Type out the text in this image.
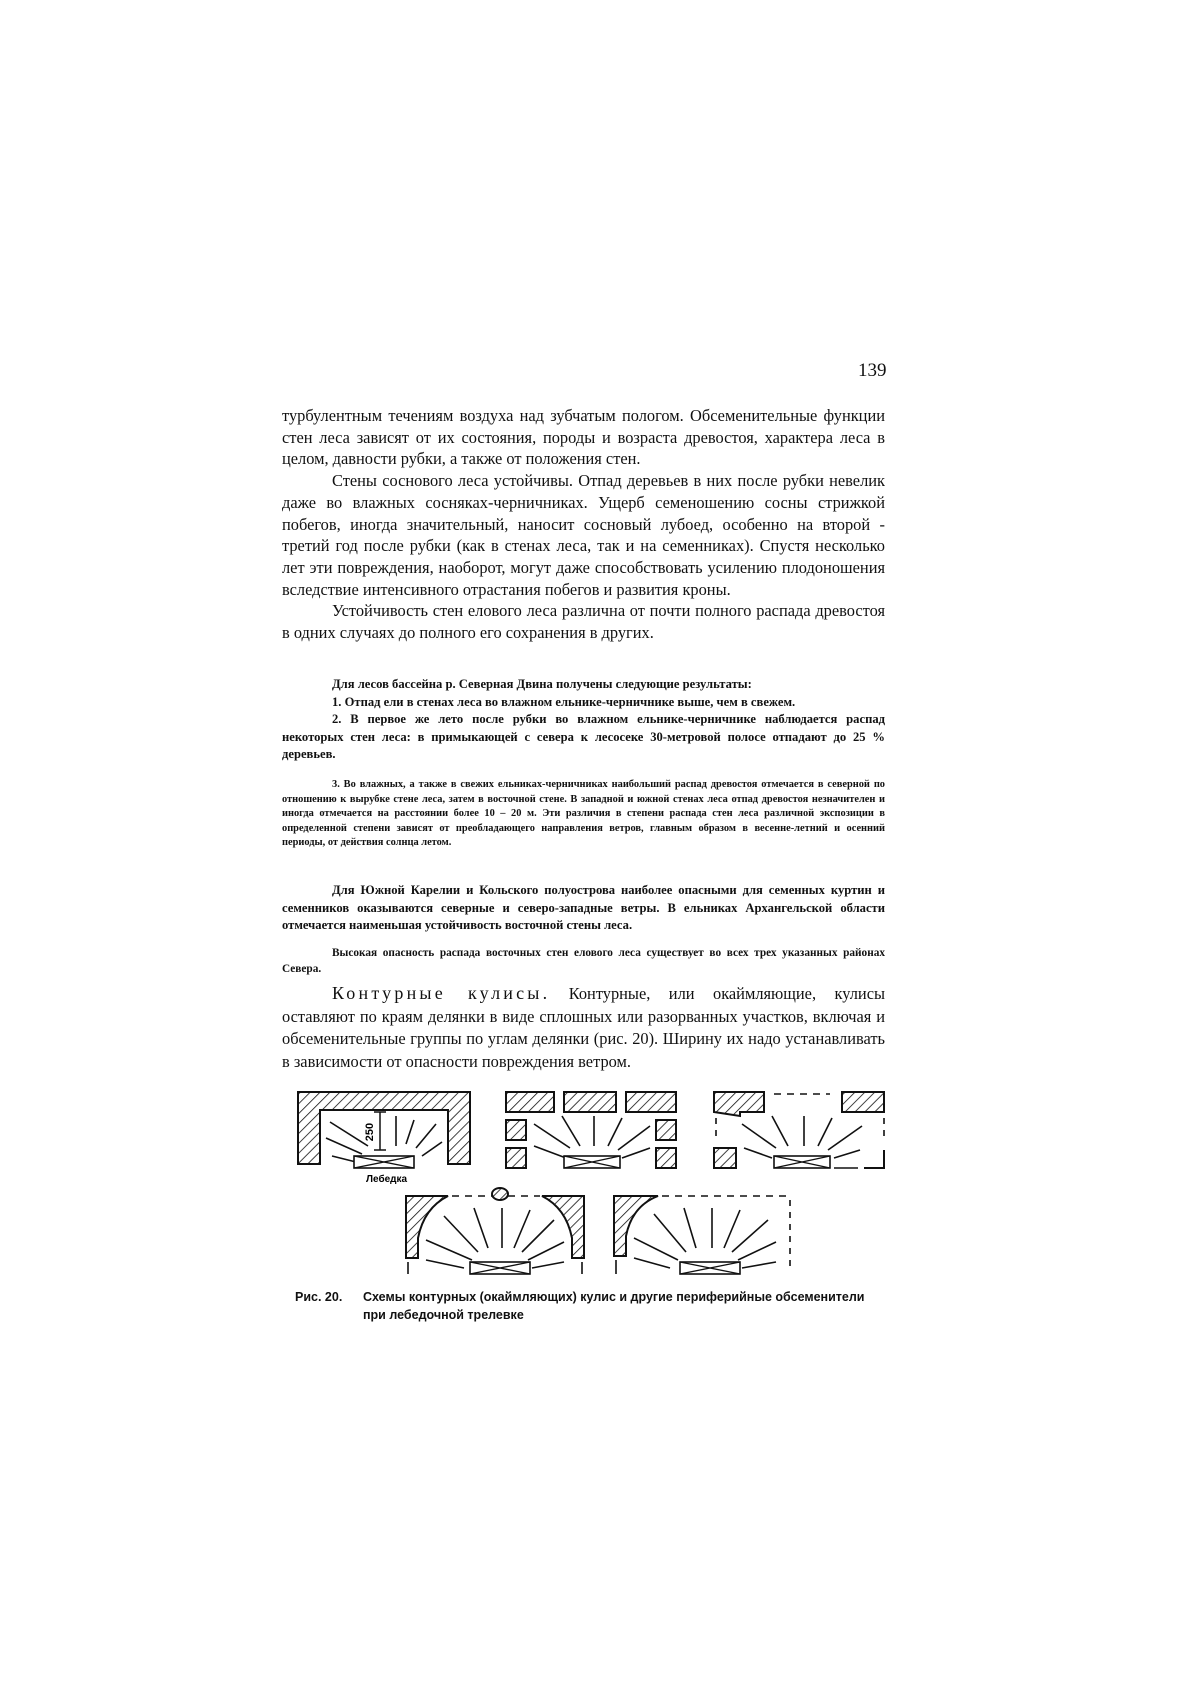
139

турбулентным течениям воздуха над зубчатым пологом. Обсеменительные функции стен леса зависят от их состояния, породы и возраста древостоя, характера леса в целом, давности рубки, а также от положения стен.

Стены соснового леса устойчивы. Отпад деревьев в них после рубки невелик даже во влажных сосняках-черничниках. Ущерб семеношению сосны стрижкой побегов, иногда значительный, наносит сосновый лубоед, особенно на второй - третий год после рубки (как в стенах леса, так и на семенниках). Спустя несколько лет эти повреждения, наоборот, могут даже способствовать усилению плодоношения вследствие интенсивного отрастания побегов и развития кроны.

Устойчивость стен елового леса различна от почти полного распада древостоя в одних случаях до полного его сохранения в других.

Для лесов бассейна р. Северная Двина получены следующие результаты:

1. Отпад ели в стенах леса во влажном ельнике-черничнике выше, чем в свежем.

2. В первое же лето после рубки во влажном ельнике-черничнике наблюдается распад некоторых стен леса: в примыкающей с севера к лесосеке 30-метровой полосе отпадают до 25 % деревьев.

3. Во влажных, а также в свежих ельниках-черничниках наибольший распад древостоя отмечается в северной по отношению к вырубке стене леса, затем в восточной стене. В западной и южной стенах леса отпад древостоя незначителен и иногда отмечается на расстоянии более 10 – 20 м. Эти различия в степени распада стен леса различной экспозиции в определенной степени зависят от преобладающего направления ветров, главным образом в весенне-летний и осенний периоды, от действия солнца летом.

Для Южной Карелии и Кольского полуострова наиболее опасными для семенных куртин и семенников оказываются северные и северо-западные ветры. В ельниках Архангельской области отмечается наименьшая устойчивость восточной стены леса.

Высокая опасность распада восточных стен елового леса существует во всех трех указанных районах Севера.

Контурные кулисы. Контурные, или окаймляющие, кулисы оставляют по краям делянки в виде сплошных или разорванных участков, включая и обсеменительные группы по углам делянки (рис. 20). Ширину их надо устанавливать в зависимости от опасности повреждения ветром.

250
Лебедка
Рис. 20.	Схемы контурных (окаймляющих) кулис и другие периферийные обсеменители при лебедочной трелевке
